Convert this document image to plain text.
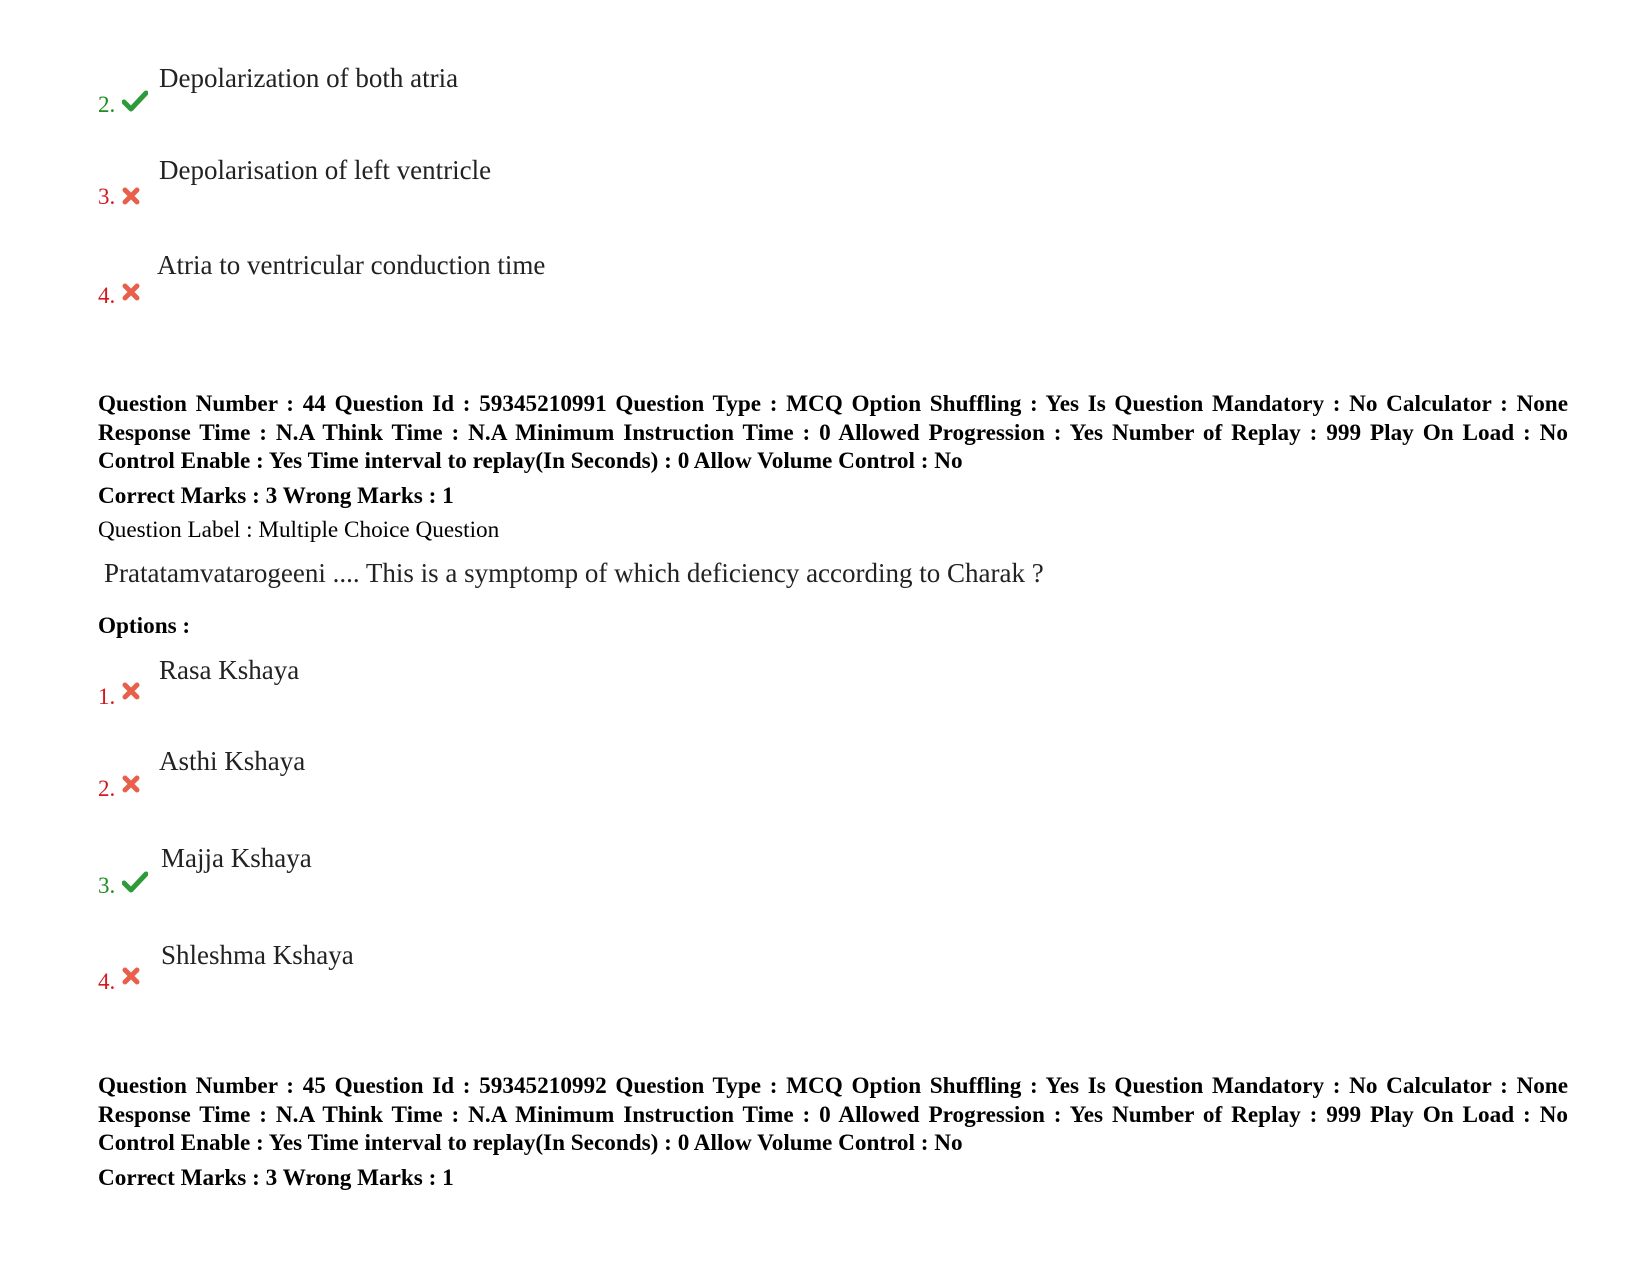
Depolarization of both atria
2.
Depolarisation of left ventricle
3.
Atria to ventricular conduction time
4.
Question Number : 44 Question Id : 59345210991 Question Type : MCQ Option Shuffling : Yes Is Question Mandatory : No Calculator : None Response Time : N.A Think Time : N.A Minimum Instruction Time : 0 Allowed Progression : Yes Number of Replay : 999 Play On Load : No Control Enable : Yes Time interval to replay(In Seconds) : 0 Allow Volume Control : No
Correct Marks : 3 Wrong Marks : 1
Question Label : Multiple Choice Question
Pratatamvatarogeeni .... This is a symptomp of which deficiency according to Charak ?
Options :
Rasa Kshaya
1.
Asthi Kshaya
2.
Majja Kshaya
3.
Shleshma Kshaya
4.
Question Number : 45 Question Id : 59345210992 Question Type : MCQ Option Shuffling : Yes Is Question Mandatory : No Calculator : None Response Time : N.A Think Time : N.A Minimum Instruction Time : 0 Allowed Progression : Yes Number of Replay : 999 Play On Load : No Control Enable : Yes Time interval to replay(In Seconds) : 0 Allow Volume Control : No
Correct Marks : 3 Wrong Marks : 1
